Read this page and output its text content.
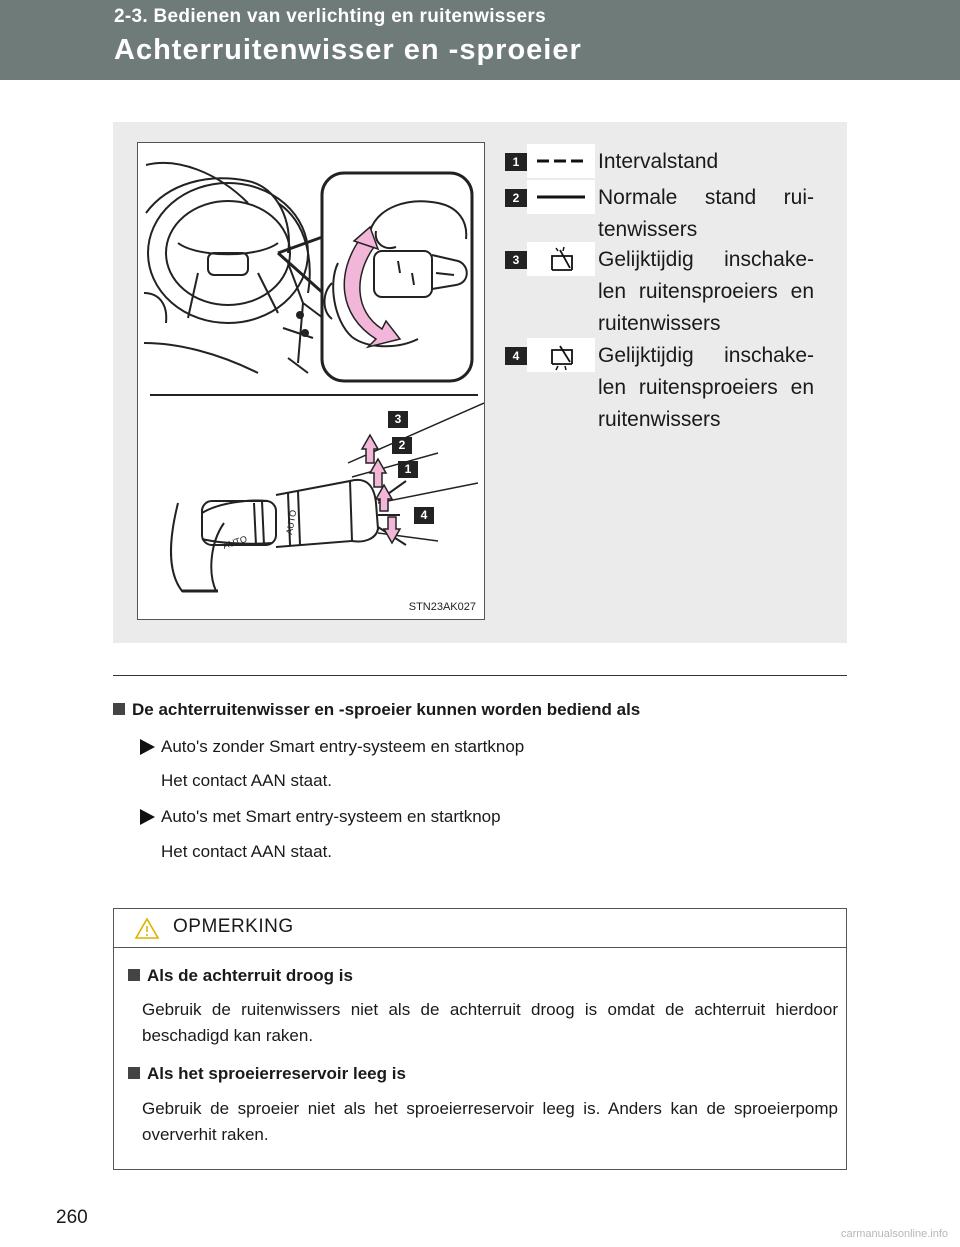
2-3. Bedienen van verlichting en ruitenwissers
Achterruitenwisser en -sproeier
AUTO
AUTO
3
2
1
4
STN23AK027
1	Intervalstand
2	Normale stand rui-tenwissers
3	Gelijktijdig inschake-len ruitensproeiers en ruitenwissers
4	Gelijktijdig inschake-len ruitensproeiers en ruitenwissers
De achterruitenwisser en -sproeier kunnen worden bediend als
Auto's zonder Smart entry-systeem en startknop
Het contact AAN staat.
Auto's met Smart entry-systeem en startknop
Het contact AAN staat.
OPMERKING
Als de achterruit droog is
Gebruik de ruitenwissers niet als de achterruit droog is omdat de achterruit hierdoor beschadigd kan raken.
Als het sproeierreservoir leeg is
Gebruik de sproeier niet als het sproeierreservoir leeg is. Anders kan de sproeierpomp oververhit raken.
260
carmanualsonline.info
